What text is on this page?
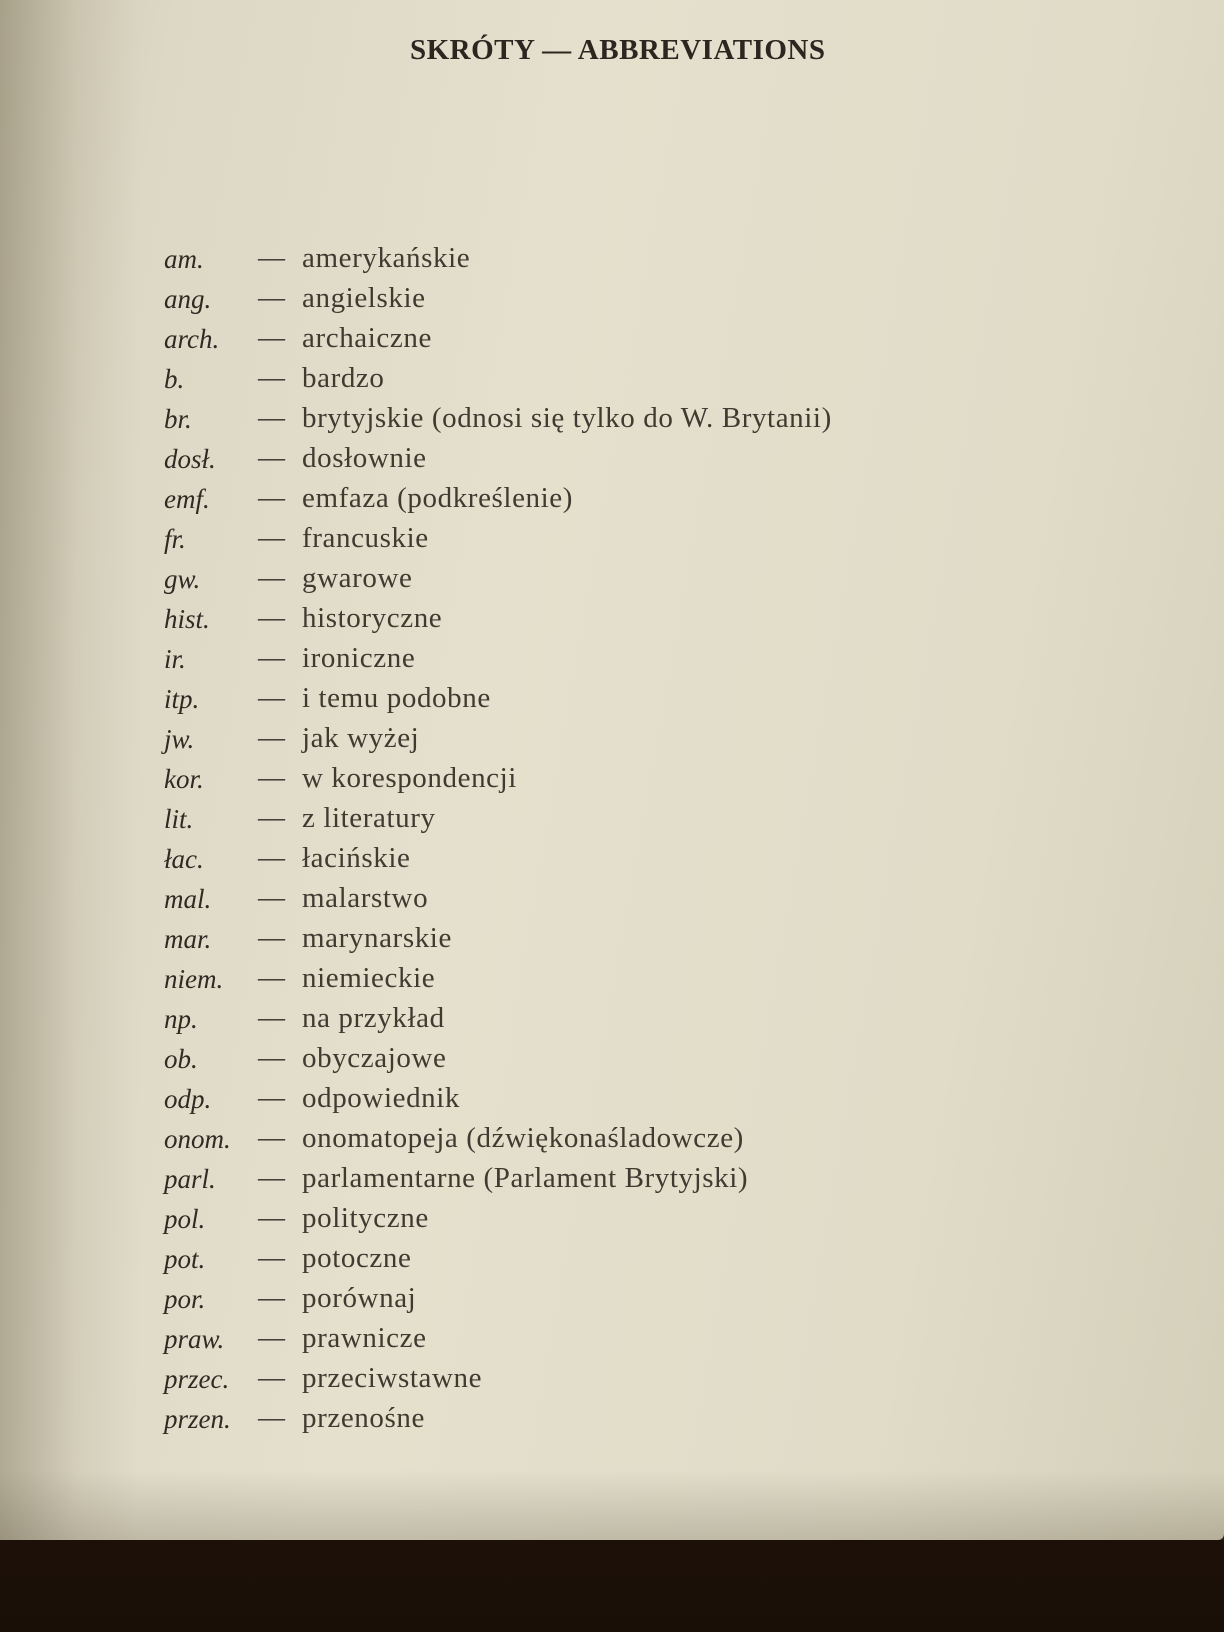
SKRÓTY — ABBREVIATIONS
am. — amerykańskie
ang. — angielskie
arch. — archaiczne
b.	— bardzo
br. — brytyjskie (odnosi się tylko do W. Brytanii)
dosł. — dosłownie
emf. — emfaza (podkreślenie)
fr.	— francuskie
gw. — gwarowe
hist. — historyczne
ir.	— ironiczne
itp. — i temu podobne
jw. — jak wyżej
kor. — w korespondencji
lit. — z literatury
łac. — łacińskie
mal. — malarstwo
mar. — marynarskie
niem. — niemieckie
np. — na przykład
ob. — obyczajowe
odp. — odpowiednik
onom. — onomatopeja (dźwiękonaśladowcze)
parl. — parlamentarne (Parlament Brytyjski)
pol. — polityczne
pot. — potoczne
por. — porównaj
praw. — prawnicze
przec. — przeciwstawne
przen. — przenośne
